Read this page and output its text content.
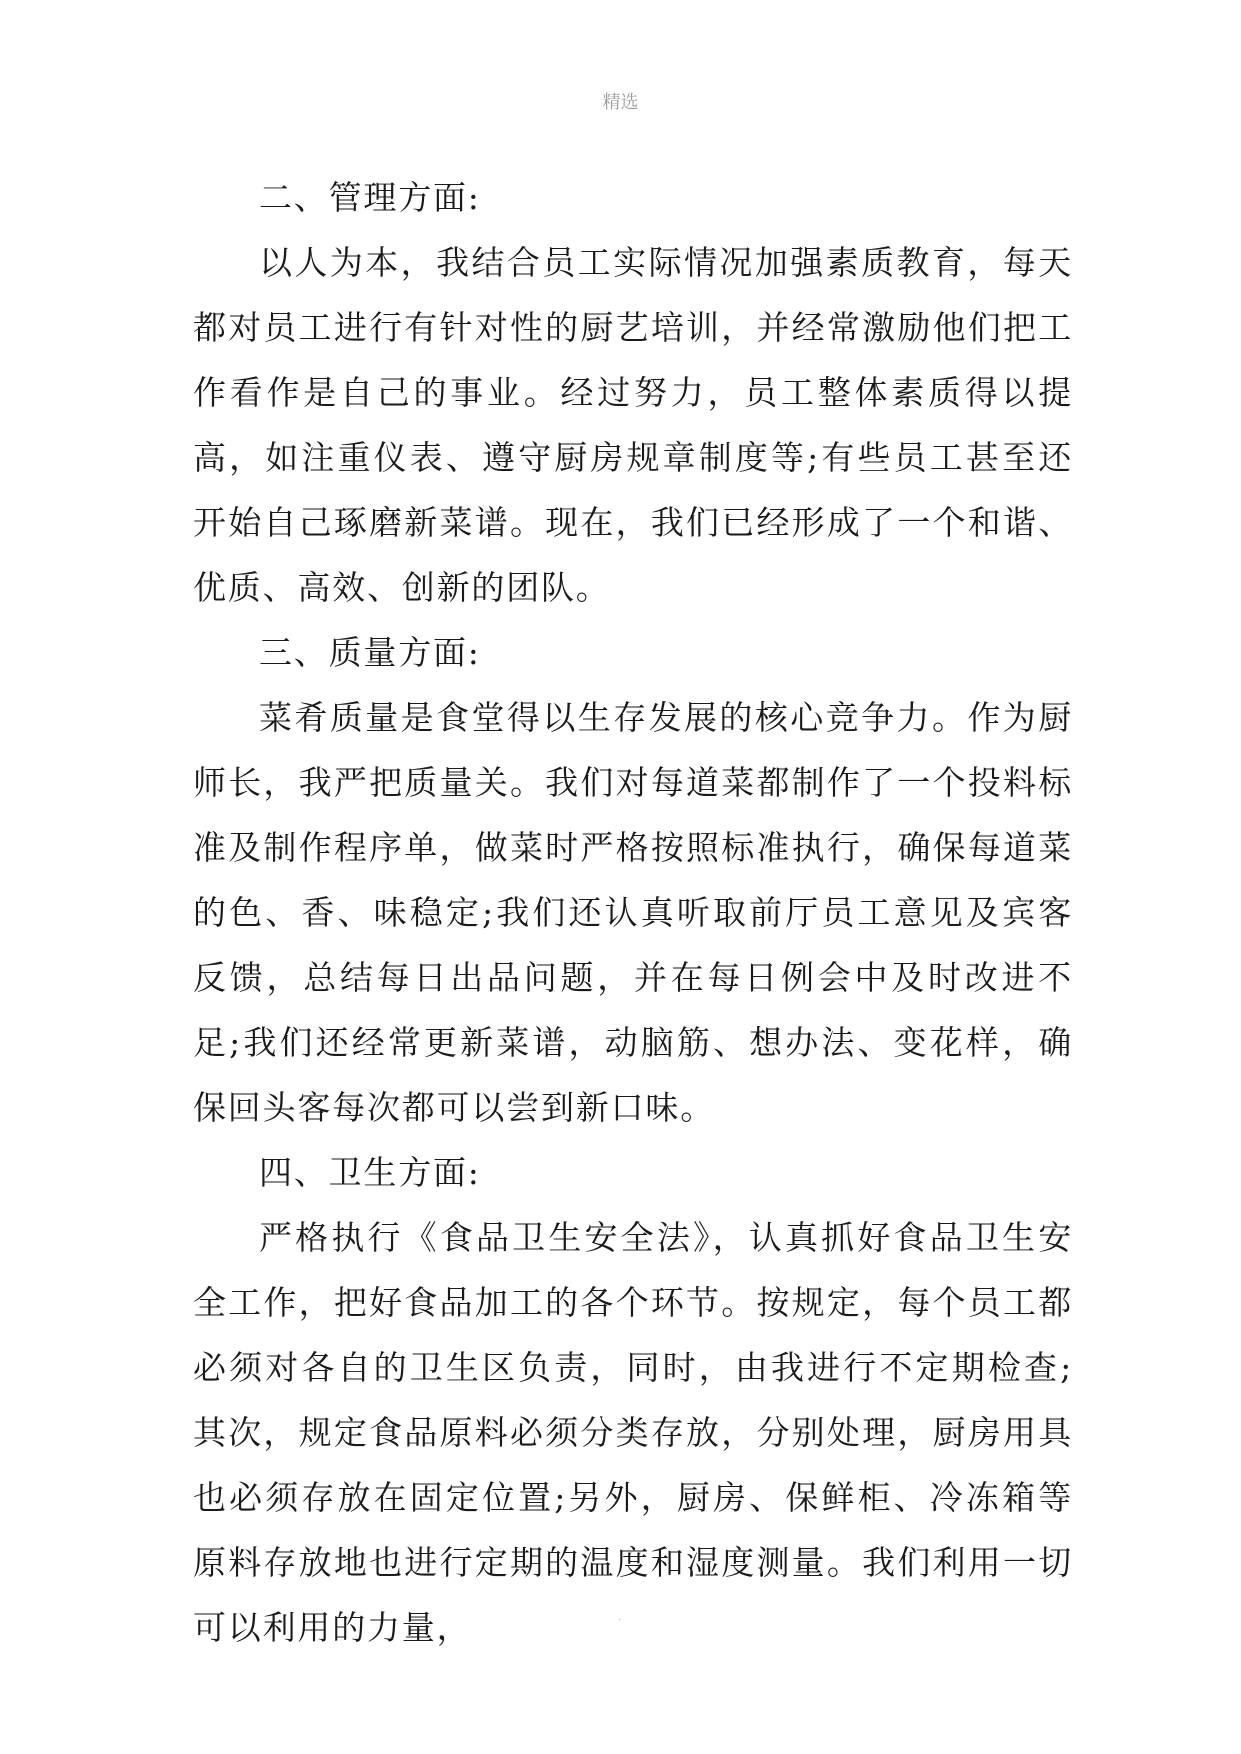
精选

二、管理方面:

以人为本，我结合员工实际情况加强素质教育，每天都对员工进行有针对性的厨艺培训，并经常激励他们把工作看作是自己的事业。经过努力，员工整体素质得以提高，如注重仪表、遵守厨房规章制度等;有些员工甚至还开始自己琢磨新菜谱。现在，我们已经形成了一个和谐、优质、高效、创新的团队。

三、质量方面:

菜肴质量是食堂得以生存发展的核心竞争力。作为厨师长，我严把质量关。我们对每道菜都制作了一个投料标准及制作程序单，做菜时严格按照标准执行，确保每道菜的色、香、味稳定;我们还认真听取前厅员工意见及宾客反馈，总结每日出品问题，并在每日例会中及时改进不足;我们还经常更新菜谱，动脑筋、想办法、变花样，确保回头客每次都可以尝到新口味。

四、卫生方面:

严格执行《食品卫生安全法》，认真抓好食品卫生安全工作，把好食品加工的各个环节。按规定，每个员工都必须对各自的卫生区负责，同时，由我进行不定期检查;其次，规定食品原料必须分类存放，分别处理，厨房用具也必须存放在固定位置;另外，厨房、保鲜柜、冷冻箱等原料存放地也进行定期的温度和湿度测量。我们利用一切可以利用的力量，	.
